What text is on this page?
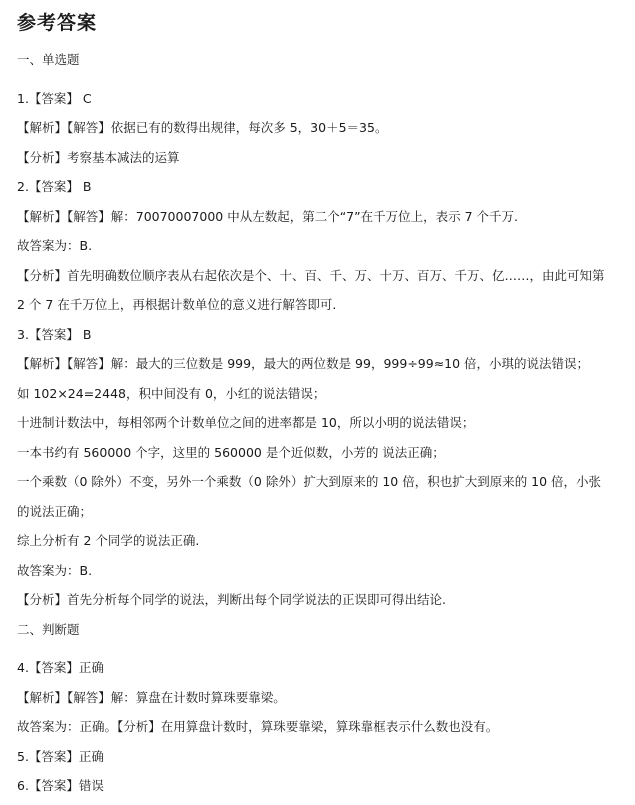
参考答案
一、单选题
1.【答案】 C
【解析】【解答】依据已有的数得出规律，每次多 5，30＋5＝35。
【分析】考察基本减法的运算
2.【答案】 B
【解析】【解答】解：70070007000 中从左数起，第二个“7”在千万位上，表示 7 个千万.
故答案为：B.
【分析】首先明确数位顺序表从右起依次是个、十、百、千、万、十万、百万、千万、亿……，由此可知第
2 个 7 在千万位上，再根据计数单位的意义进行解答即可.
3.【答案】 B
【解析】【解答】解：最大的三位数是 999，最大的两位数是 99，999÷99≈10 倍，小琪的说法错误；
如 102×24=2448，积中间没有 0，小红的说法错误；
十进制计数法中，每相邻两个计数单位之间的进率都是 10，所以小明的说法错误；
一本书约有 560000 个字，这里的 560000 是个近似数，小芳的 说法正确；
一个乘数（0 除外）不变，另外一个乘数（0 除外）扩大到原来的 10 倍，积也扩大到原来的 10 倍，小张
的说法正确；
综上分析有 2 个同学的说法正确.
故答案为：B.
【分析】首先分析每个同学的说法，判断出每个同学说法的正误即可得出结论.
二、判断题
4.【答案】正确
【解析】【解答】解：算盘在计数时算珠要靠梁。
故答案为：正确。【分析】在用算盘计数时，算珠要靠梁，算珠靠框表示什么数也没有。
5.【答案】正确
6.【答案】错误
